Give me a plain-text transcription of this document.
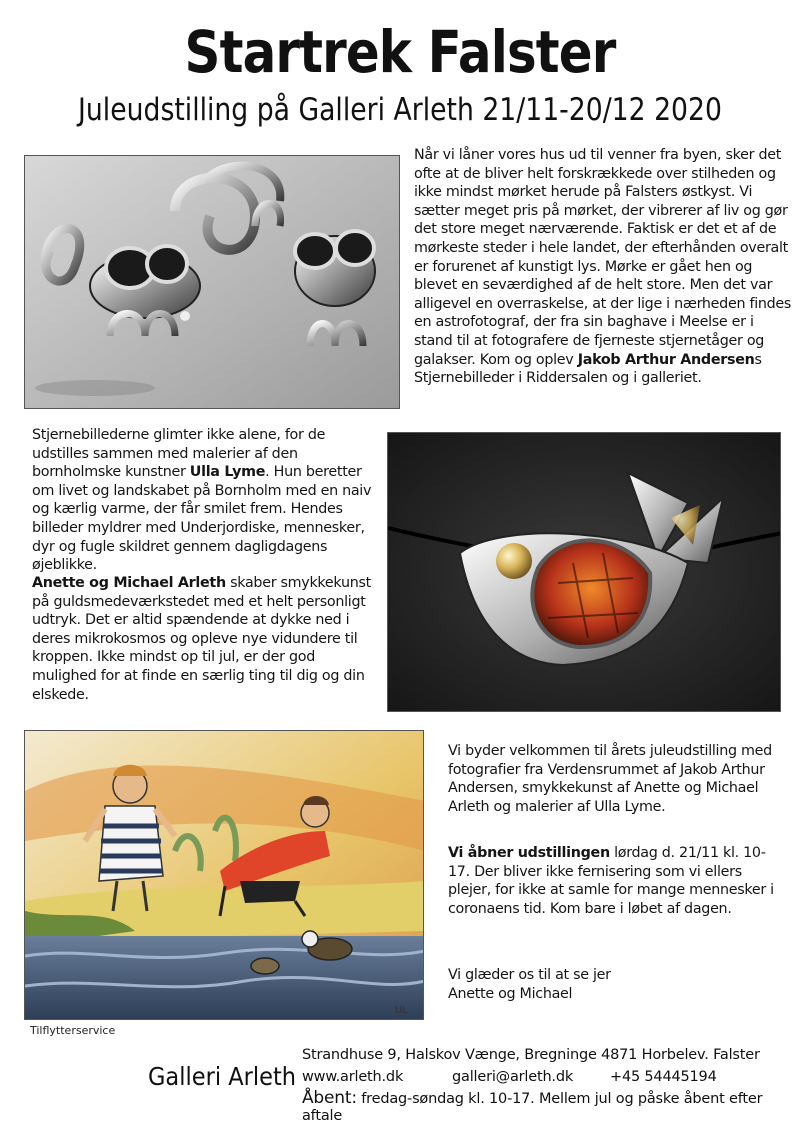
Startrek Falster
Juleudstilling på Galleri Arleth 21/11-20/12 2020
Når vi låner vores hus ud til venner fra byen, sker det ofte at de bliver helt forskrækkede over stilheden og ikke mindst mørket herude på Falsters østkyst. Vi sætter meget pris på mørket, der vibrerer af liv og gør det store meget nærværende. Faktisk er det et af de mørkeste steder i hele landet, der efterhånden overalt er forurenet af kunstigt lys. Mørke er gået hen og blevet en seværdighed af de helt store. Men det var alligevel en overraskelse, at der lige i nærheden findes en astrofotograf, der fra sin baghave i Meelse er i stand til at fotografere de fjerneste stjernetåger og galakser. Kom og oplev Jakob Arthur Andersens Stjernebilleder i Riddersalen og i galleriet.
Stjernebillederne glimter ikke alene, for de udstilles sammen med malerier af den bornholmske kunstner Ulla Lyme. Hun beretter om livet og landskabet på Bornholm med en naiv og kærlig varme, der får smilet frem. Hendes billeder myldrer med Underjordiske, mennesker, dyr og fugle skildret gennem dagligdagens øjeblikke.
Anette og Michael Arleth skaber smykkekunst på guldsmedeværkstedet med et helt personligt udtryk. Det er altid spændende at dykke ned i deres mikrokosmos og opleve nye vidundere til kroppen. Ikke mindst op til jul, er der god mulighed for at finde en særlig ting til dig og din elskede.
UL
Tilflytterservice
Vi byder velkommen til årets juleudstilling med fotografier fra Verdensrummet af Jakob Arthur Andersen, smykkekunst af Anette og Michael Arleth og malerier af Ulla Lyme.
Vi åbner udstillingen lørdag d. 21/11 kl. 10-17. Der bliver ikke fernisering som vi ellers plejer, for ikke at samle for mange mennesker i coronaens tid. Kom bare i løbet af dagen.
Vi glæder os til at se jer
Anette og Michael
Galleri Arleth
Strandhuse 9, Halskov Vænge, Bregninge 4871 Horbelev. Falster
www.arleth.dk	galleri@arleth.dk	+45 54445194
Åbent: fredag-søndag kl. 10-17. Mellem jul og påske åbent efter aftale
